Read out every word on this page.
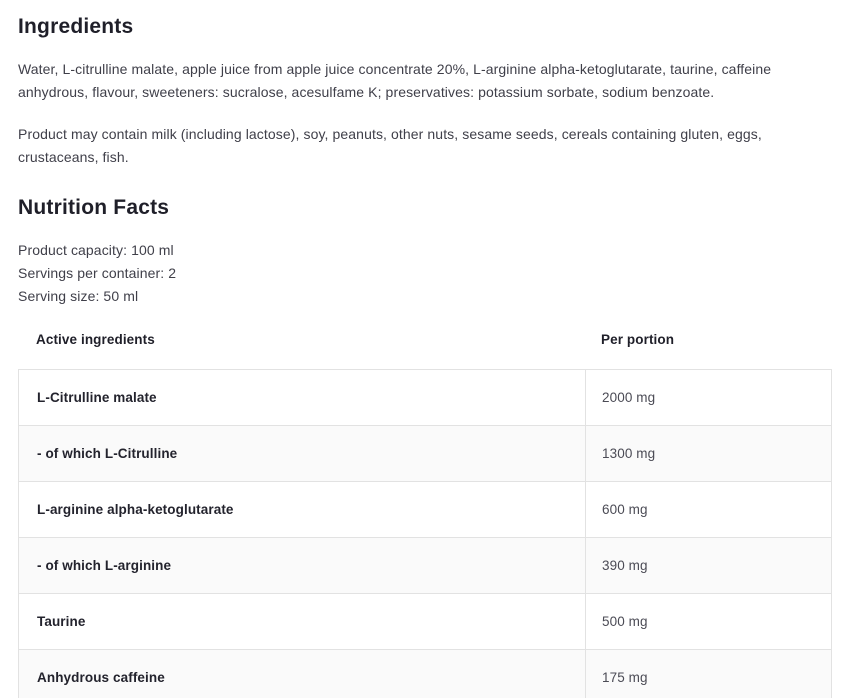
Ingredients

Water, L-citrulline malate, apple juice from apple juice concentrate 20%, L-arginine alpha-ketoglutarate, taurine, caffeine anhydrous, flavour, sweeteners: sucralose, acesulfame K; preservatives: potassium sorbate, sodium benzoate.

Product may contain milk (including lactose), soy, peanuts, other nuts, sesame seeds, cereals containing gluten, eggs, crustaceans, fish.

Nutrition Facts

Product capacity: 100 ml

Servings per container: 2

Serving size: 50 ml

Active ingredients	Per portion
L-Citrulline malate	2000 mg
- of which L-Citrulline	1300 mg
L-arginine alpha-ketoglutarate	600 mg
- of which L-arginine	390 mg
Taurine	500 mg
Anhydrous caffeine	175 mg
